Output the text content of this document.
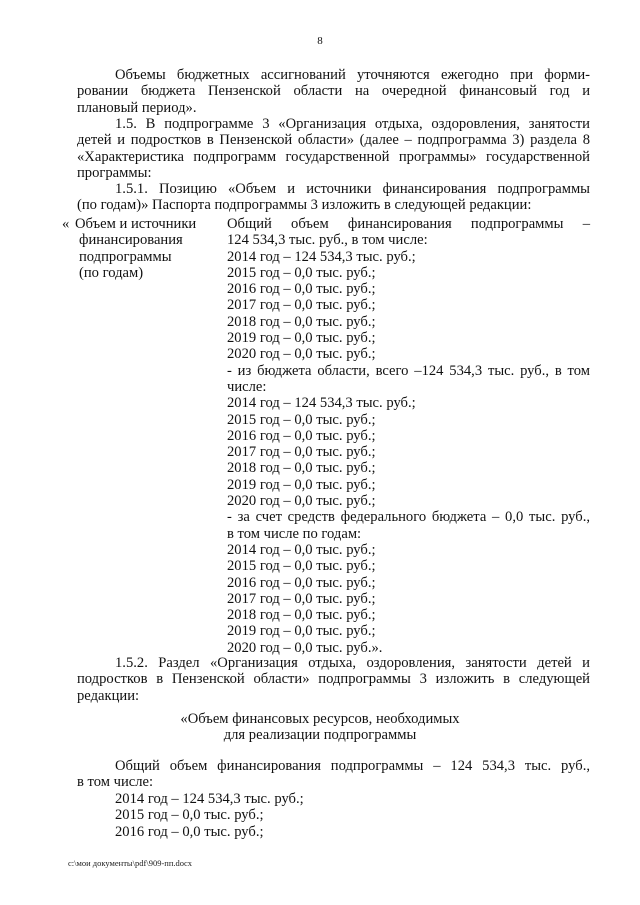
8
Объемы бюджетных ассигнований уточняются ежегодно при форми-
ровании бюджета Пензенской области на очередной финансовый год и
плановый период».
1.5. В подпрограмме 3 «Организация отдыха, оздоровления, занятости
детей и подростков в Пензенской области» (далее – подпрограмма 3) раздела 8
«Характеристика подпрограмм государственной программы» государственной
программы:
1.5.1. Позицию «Объем и источники финансирования подпрограммы
(по годам)» Паспорта подпрограммы 3 изложить в следующей редакции:
« Объем и источники
финансирования
подпрограммы
(по годам)
Общий объем финансирования подпрограммы –
124 534,3 тыс. руб., в том числе:
2014 год – 124 534,3 тыс. руб.;
2015 год – 0,0 тыс. руб.;
2016 год – 0,0 тыс. руб.;
2017 год – 0,0 тыс. руб.;
2018 год – 0,0 тыс. руб.;
2019 год – 0,0 тыс. руб.;
2020 год – 0,0 тыс. руб.;
- из бюджета области, всего –124 534,3 тыс. руб., в том
числе:
2014 год – 124 534,3 тыс. руб.;
2015 год – 0,0 тыс. руб.;
2016 год – 0,0 тыс. руб.;
2017 год – 0,0 тыс. руб.;
2018 год – 0,0 тыс. руб.;
2019 год – 0,0 тыс. руб.;
2020 год – 0,0 тыс. руб.;
- за счет средств федерального бюджета – 0,0 тыс. руб.,
в том числе по годам:
2014 год – 0,0 тыс. руб.;
2015 год – 0,0 тыс. руб.;
2016 год – 0,0 тыс. руб.;
2017 год – 0,0 тыс. руб.;
2018 год – 0,0 тыс. руб.;
2019 год – 0,0 тыс. руб.;
2020 год – 0,0 тыс. руб.».
1.5.2. Раздел «Организация отдыха, оздоровления, занятости детей и
подростков в Пензенской области» подпрограммы 3 изложить в следующей
редакции:
«Объем финансовых ресурсов, необходимых
для реализации подпрограммы
Общий объем финансирования подпрограммы – 124 534,3 тыс. руб.,
в том числе:
2014 год – 124 534,3 тыс. руб.;
2015 год – 0,0 тыс. руб.;
2016 год – 0,0 тыс. руб.;
c:\мои документы\pdf\909-пп.docx
